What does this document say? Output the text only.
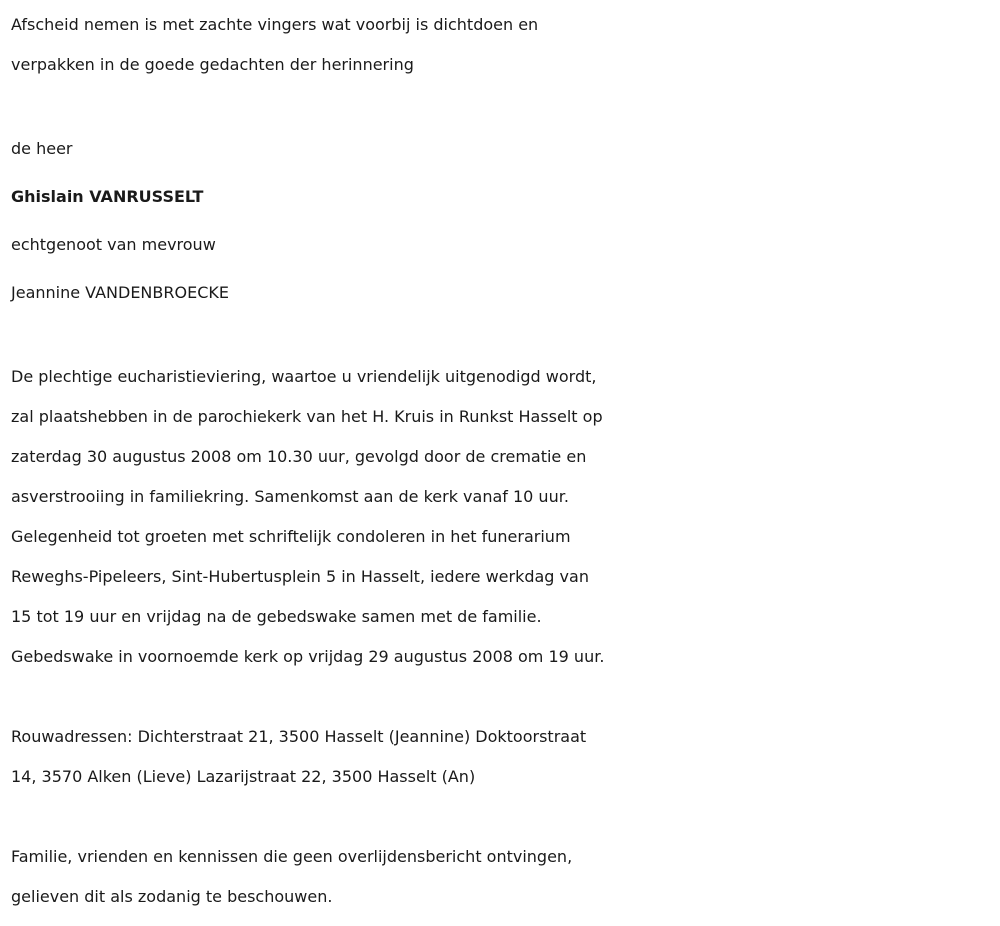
Afscheid nemen is met zachte vingers wat voorbij is dichtdoen en
verpakken in de goede gedachten der herinnering
de heer
Ghislain VANRUSSELT
echtgenoot van mevrouw
Jeannine VANDENBROECKE
De plechtige eucharistieviering, waartoe u vriendelijk uitgenodigd wordt,
zal plaatshebben in de parochiekerk van het H. Kruis in Runkst Hasselt op
zaterdag 30 augustus 2008 om 10.30 uur, gevolgd door de crematie en
asverstrooiing in familiekring. Samenkomst aan de kerk vanaf 10 uur.
Gelegenheid tot groeten met schriftelijk condoleren in het funerarium
Reweghs-Pipeleers, Sint-Hubertusplein 5 in Hasselt, iedere werkdag van
15 tot 19 uur en vrijdag na de gebedswake samen met de familie.
Gebedswake in voornoemde kerk op vrijdag 29 augustus 2008 om 19 uur.
Rouwadressen: Dichterstraat 21, 3500 Hasselt (Jeannine) Doktoorstraat
14, 3570 Alken (Lieve) Lazarijstraat 22, 3500 Hasselt (An)
Familie, vrienden en kennissen die geen overlijdensbericht ontvingen,
gelieven dit als zodanig te beschouwen.
